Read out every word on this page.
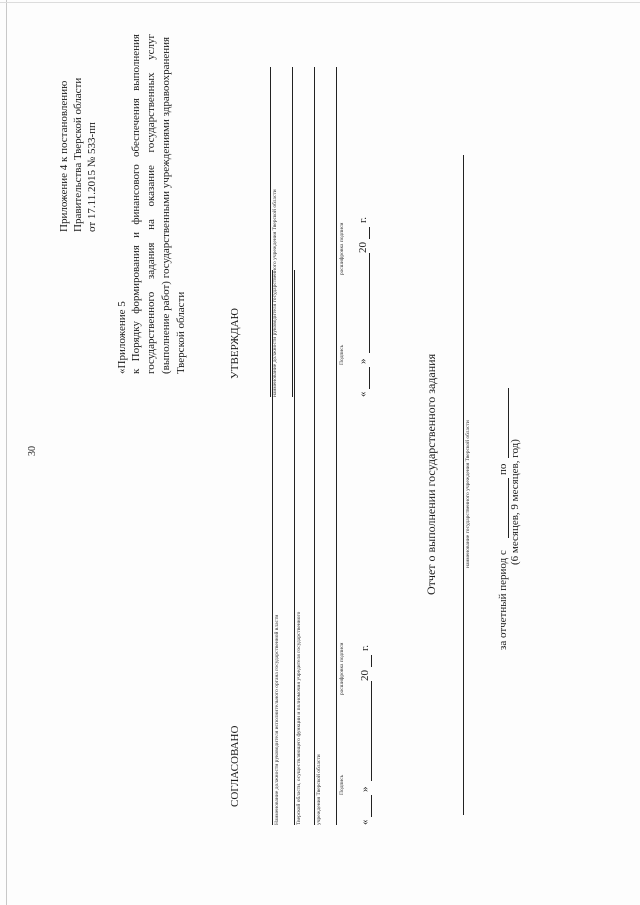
30
Приложение 4 к постановлению Правительства Тверской области от 17.11.2015 № 533-пп
«Приложение 5 к Порядку формирования и финансового обеспечения выполнения государственного задания на оказание государственных услуг (выполнение работ) государственными учреждениями здравоохранения Тверской области
СОГЛАСОВАНО	Наименование должности руководителя исполнительного органа государственной власти	Тверской области, осуществляющего функции и полномочия учредителя государственного	учреждения Тверской области	Подпись
расшифровка подписи
«
»
20
г.
УТВЕРЖДАЮ	наименование должности руководителя государственного учреждения Тверской области	Подпись
расшифровка подписи
«
»
20
г.
Отчет о выполнении государственного задания	наименование государственного учреждения Тверской области
за отчетный период с
по (6 месяцев, 9 месяцев, год)
